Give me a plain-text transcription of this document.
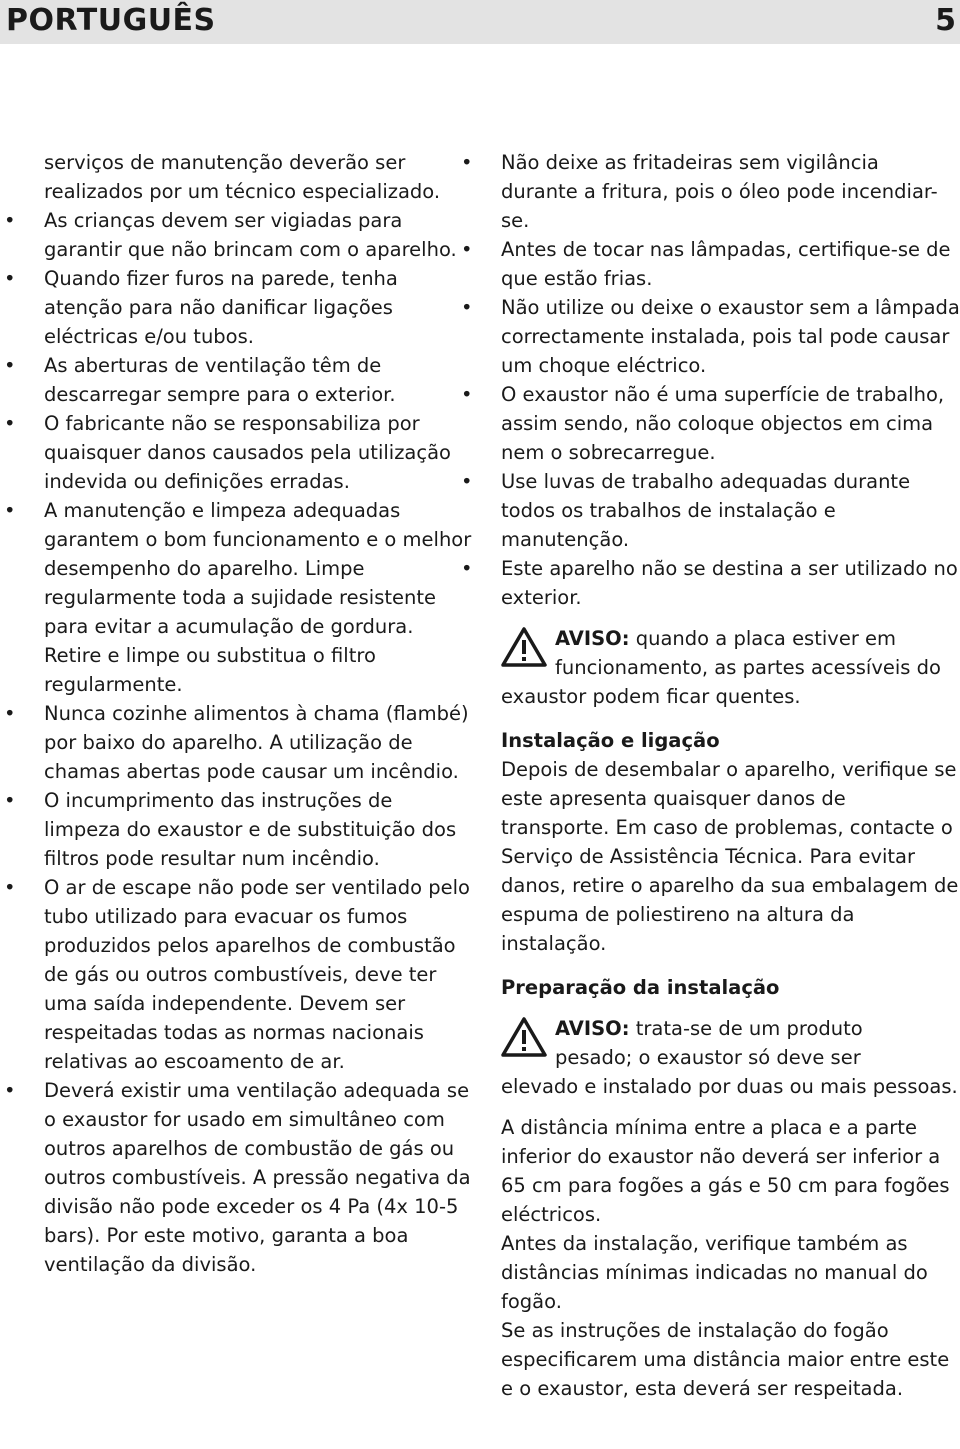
PORTUGUÊS	5

serviços de manutenção deverão ser realizados por um técnico especializado.

• As crianças devem ser vigiadas para garantir que não brincam com o aparelho.

• Quando fizer furos na parede, tenha atenção para não danificar ligações eléctricas e/ou tubos.

• As aberturas de ventilação têm de descarregar sempre para o exterior.

• O fabricante não se responsabiliza por quaisquer danos causados pela utilização indevida ou definições erradas.

• A manutenção e limpeza adequadas garantem o bom funcionamento e o melhor desempenho do aparelho. Limpe regularmente toda a sujidade resistente para evitar a acumulação de gordura. Retire e limpe ou substitua o filtro regularmente.

• Nunca cozinhe alimentos à chama (flambé) por baixo do aparelho. A utilização de chamas abertas pode causar um incêndio.

• O incumprimento das instruções de limpeza do exaustor e de substituição dos filtros pode resultar num incêndio.

• O ar de escape não pode ser ventilado pelo tubo utilizado para evacuar os fumos produzidos pelos aparelhos de combustão de gás ou outros combustíveis, deve ter uma saída independente. Devem ser respeitadas todas as normas nacionais relativas ao escoamento de ar.

• Deverá existir uma ventilação adequada se o exaustor for usado em simultâneo com outros aparelhos de combustão de gás ou outros combustíveis. A pressão negativa da divisão não pode exceder os 4 Pa (4x 10-5 bars). Por este motivo, garanta a boa ventilação da divisão.

• Não deixe as fritadeiras sem vigilância durante a fritura, pois o óleo pode incendiar-se.

• Antes de tocar nas lâmpadas, certifique-se de que estão frias.

• Não utilize ou deixe o exaustor sem a lâmpada correctamente instalada, pois tal pode causar um choque eléctrico.

• O exaustor não é uma superfície de trabalho, assim sendo, não coloque objectos em cima nem o sobrecarregue.

• Use luvas de trabalho adequadas durante todos os trabalhos de instalação e manutenção.

• Este aparelho não se destina a ser utilizado no exterior.

AVISO: quando a placa estiver em
funcionamento, as partes acessíveis do
exaustor podem ficar quentes.

Instalação e ligação

Depois de desembalar o aparelho, verifique se este apresenta quaisquer danos de transporte. Em caso de problemas, contacte o Serviço de Assistência Técnica. Para evitar danos, retire o aparelho da sua embalagem de espuma de poliestireno na altura da instalação.

Preparação da instalação

AVISO: trata-se de um produto
pesado; o exaustor só deve ser
elevado e instalado por duas ou mais pessoas.

A distância mínima entre a placa e a parte inferior do exaustor não deverá ser inferior a 65 cm para fogões a gás e 50 cm para fogões eléctricos.

Antes da instalação, verifique também as distâncias mínimas indicadas no manual do fogão.

Se as instruções de instalação do fogão especificarem uma distância maior entre este e o exaustor, esta deverá ser respeitada.
